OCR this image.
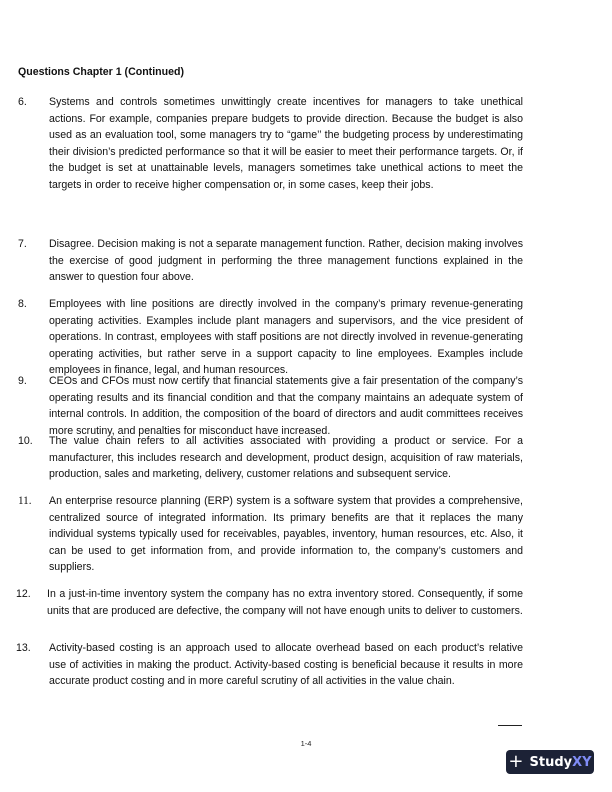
Questions Chapter 1 (Continued)
6. Systems and controls sometimes unwittingly create incentives for managers to take unethical actions. For example, companies prepare budgets to provide direction. Because the budget is also used as an evaluation tool, some managers try to “game’’ the budgeting process by underestimating their division’s predicted performance so that it will be easier to meet their performance targets. Or, if the budget is set at unattainable levels, managers sometimes take unethical actions to meet the targets in order to receive higher compensation or, in some cases, keep their jobs.
7. Disagree. Decision making is not a separate management function. Rather, decision making involves the exercise of good judgment in performing the three management functions explained in the answer to question four above.
8. Employees with line positions are directly involved in the company’s primary revenue-generating operating activities. Examples include plant managers and supervisors, and the vice president of operations. In contrast, employees with staff positions are not directly involved in revenue-generating operating activities, but rather serve in a support capacity to line employees. Examples include employees in finance, legal, and human resources.
9. CEOs and CFOs must now certify that financial statements give a fair presentation of the company’s operating results and its financial condition and that the company maintains an adequate system of internal controls. In addition, the composition of the board of directors and audit committees receives more scrutiny, and penalties for misconduct have increased.
10. The value chain refers to all activities associated with providing a product or service. For a manufacturer, this includes research and development, product design, acquisition of raw materials, production, sales and marketing, delivery, customer relations and subsequent service.
11. An enterprise resource planning (ERP) system is a software system that provides a comprehensive, centralized source of integrated information. Its primary benefits are that it replaces the many individual systems typically used for receivables, payables, inventory, human resources, etc. Also, it can be used to get information from, and provide information to, the company’s customers and suppliers.
12. In a just-in-time inventory system the company has no extra inventory stored. Consequently, if some units that are produced are defective, the company will not have enough units to deliver to customers.
13. Activity-based costing is an approach used to allocate overhead based on each product’s relative use of activities in making the product. Activity-based costing is beneficial because it results in more accurate product costing and in more careful scrutiny of all activities in the value chain.
1-4
+ StudyXY
